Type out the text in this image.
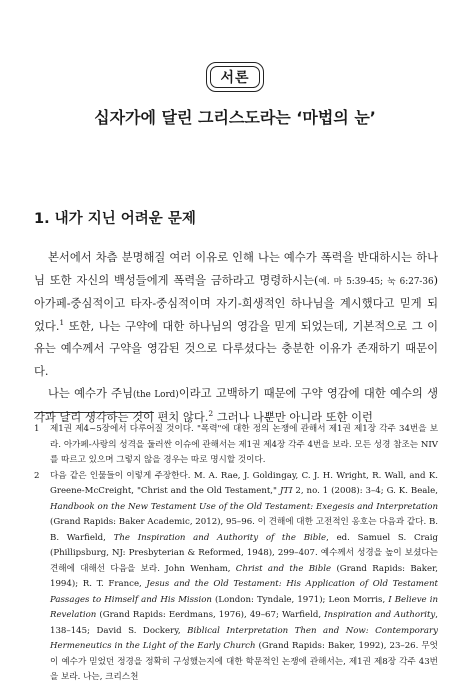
서론
십자가에 달린 그리스도라는 ‘마법의 눈’
1. 내가 지닌 어려운 문제

본서에서 차츰 분명해질 여러 이유로 인해 나는 예수가 폭력을 반대하시는 하나님 또한 자신의 백성들에게 폭력을 금하라고 명령하시는(예. 마 5:39-45; 눅 6:27-36) 아가페-중심적이고 타자-중심적이며 자기-희생적인 하나님을 계시했다고 믿게 되었다.$^1$ 또한, 나는 구약에 대한 하나님의 영감을 믿게 되었는데, 기본적으로 그 이유는 예수께서 구약을 영감된 것으로 다루셨다는 충분한 이유가 존재하기 때문이다.

나는 예수가 주님(the Lord)이라고 고백하기 때문에 구약 영감에 대한 예수의 생각과 달리 생각하는 것이 편치 않다.$^2$ 그러나 나뿐만 아니라 또한 이런

1 제1권 제4~5장에서 다루어질 것이다. "폭력"에 대한 정의 논쟁에 관해서 제1권 제1장 각주 34번을 보라. 아가페-사랑의 성격을 둘러싼 이슈에 관해서는 제1권 제4장 각주 4번을 보라. 모든 성경 참조는 NIV를 따르고 있으며 그렇지 않을 경우는 따로 명시할 것이다.
2 다음 같은 인물들이 이렇게 주장한다. M. A. Rae, J. Goldingay, C. J. H. Wright, R. Wall, and K. Greene-McCreight, "Christ and the Old Testament," JTI 2, no. 1 (2008): 3–4; G. K. Beale, Handbook on the New Testament Use of the Old Testament: Exegesis and Interpretation (Grand Rapids: Baker Academic, 2012), 95–96. 이 견해에 대한 고전적인 옹호는 다음과 같다. B. B. Warfield, The Inspiration and Authority of the Bible, ed. Samuel S. Craig (Phillipsburg, NJ: Presbyterian & Reformed, 1948), 299–407. 예수께서 성경을 높이 보셨다는 견해에 대해선 다음을 보라. John Wenham, Christ and the Bible (Grand Rapids: Baker, 1994); R. T. France, Jesus and the Old Testament: His Application of Old Testament Passages to Himself and His Mission (London: Tyndale, 1971); Leon Morris, I Believe in Revelation (Grand Rapids: Eerdmans, 1976), 49–67; Warfield, Inspiration and Authority, 138–145; David S. Dockery, Biblical Interpretation Then and Now: Contemporary Hermeneutics in the Light of the Early Church (Grand Rapids: Baker, 1992), 23–26. 무엇이 예수가 믿었던 정경을 정확히 구성했는지에 대한 학문적인 논쟁에 관해서는, 제1권 제8장 각주 43번을 보라. 나는, 크리스천
